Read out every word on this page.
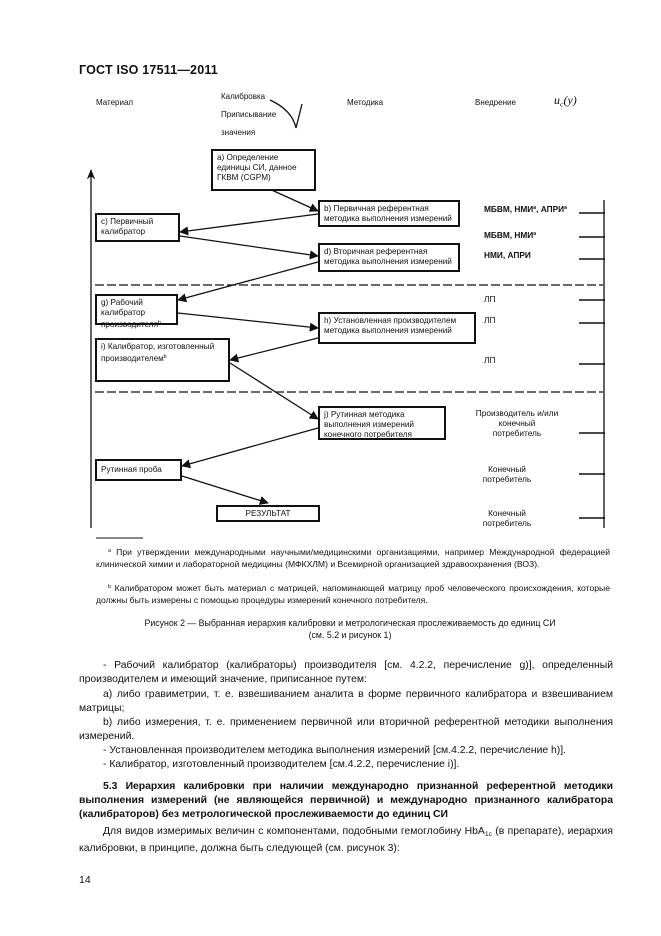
ГОСТ ISO 17511—2011
Материал
Калибровка
Приписывание
значения
Методика	Внедрение	$u_c(y)$
a) Определение единицы СИ, данное ГКВМ (CGPM)
b) Первичная референтная методика выполнения измерений
c) Первичный калибратор
d) Вторичная референтная методика выполнения измерений
g) Рабочий калибратор производителя$^b$	h) Установленная производителем методика выполнения измерений
i) Калибратор, изготовленный производителем$^b$
j) Рутинная методика выполнения измерений конечного потребителя
Рутинная проба
РЕЗУЛЬТАТ
МБВМ, НМИ$^a$, АПРИ$^a$
МБВМ, НМИ$^a$
НМИ, АПРИ
ЛП
ЛП
ЛП
Производитель и/или конечный потребитель
Конечный потребитель
Конечный потребитель
$^a$ При утверждении международными научными/медицинскими организациями, например Международной федерацией клинической химии и лабораторной медицины (МФКХЛМ) и Всемирной организацией здравоохранения (ВОЗ).
$^b$ Калибратором может быть материал с матрицей, напоминающей матрицу проб человеческого происхождения, которые должны быть измерены с помощью процедуры измерений конечного потребителя.
Рисунок 2 — Выбранная иерархия калибровки и метрологическая прослеживаемость до единиц СИ
(см. 5.2 и рисунок 1)
- Рабочий калибратор (калибраторы) производителя [см. 4.2.2, перечисление g)], определенный производителем и имеющий значение, приписанное путем:
а) либо гравиметрии, т. е. взвешиванием аналита в форме первичного калибратора и взвешиванием матрицы;
b) либо измерения, т. е. применением первичной или вторичной референтной методики выполнения измерений.
- Установленная производителем методика выполнения измерений [см.4.2.2, перечисление h)].
- Калибратор, изготовленный производителем [см.4.2.2, перечисление i)].
5.3 Иерархия калибровки при наличии международно признанной референтной методики выполнения измерений (не являющейся первичной) и международно признанного калибратора (калибраторов) без метрологической прослеживаемости до единиц СИ
Для видов измеримых величин с компонентами, подобными гемоглобину HbA$_{1c}$ (в препарате), иерархия калибровки, в принципе, должна быть следующей (см. рисунок 3):
14
